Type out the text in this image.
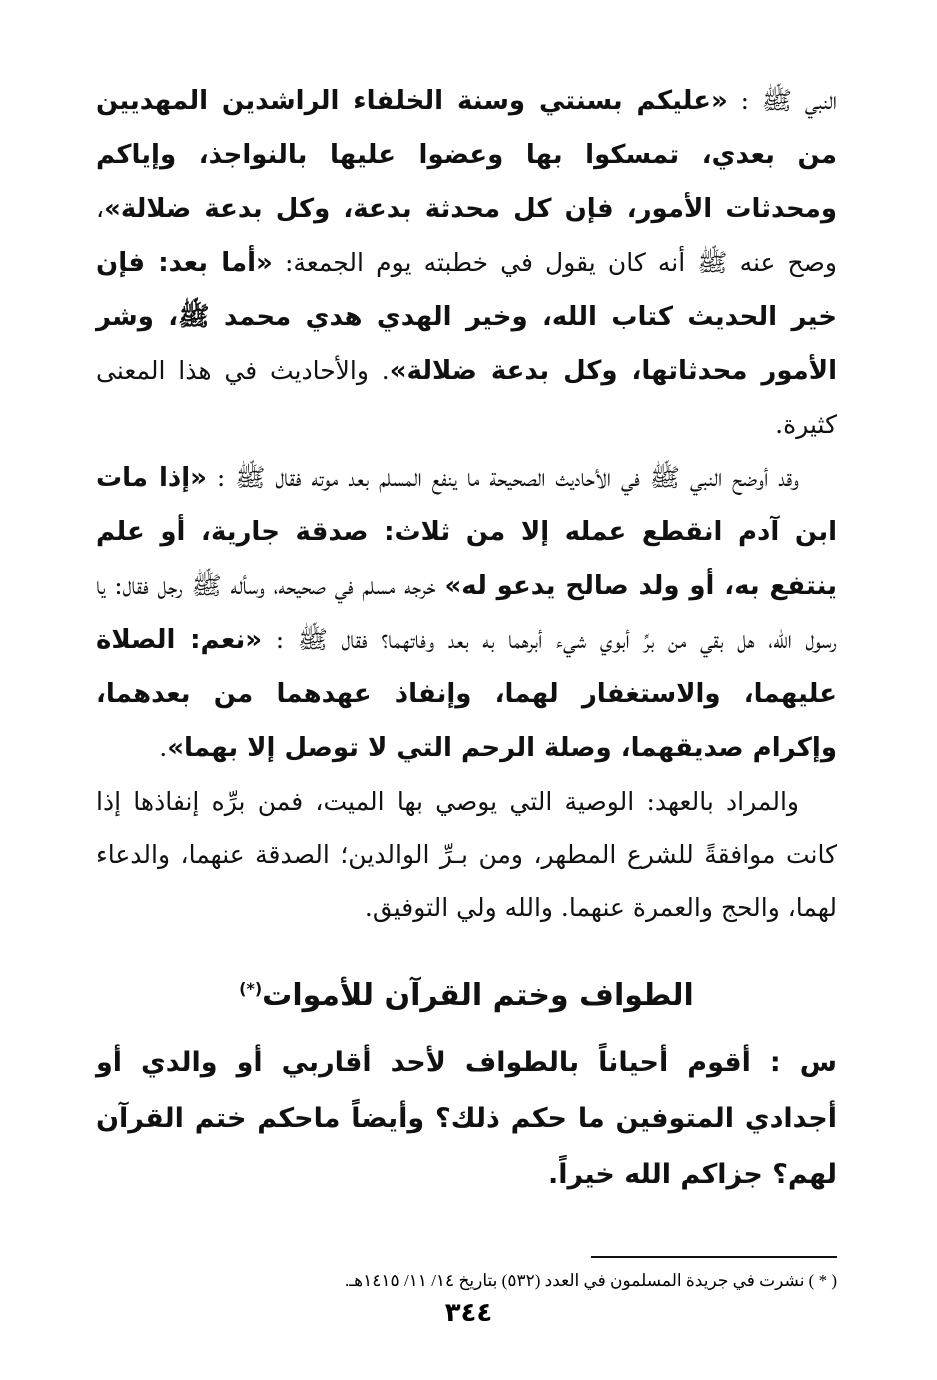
النبي ﷺ : «عليكم بسنتي وسنة الخلفاء الراشدين المهديين من بعدي، تمسكوا بها وعضوا عليها بالنواجذ، وإياكم ومحدثات الأمور، فإن كل محدثة بدعة، وكل بدعة ضلالة»، وصح عنه ﷺ أنه كان يقول في خطبته يوم الجمعة: «أما بعد: فإن خير الحديث كتاب الله، وخير الهدي هدي محمد ﷺ، وشر الأمور محدثاتها، وكل بدعة ضلالة». والأحاديث في هذا المعنى كثيرة.

وقد أوضح النبي ﷺ في الأحاديث الصحيحة ما ينفع المسلم بعد موته فقال ﷺ : «إذا مات ابن آدم انقطع عمله إلا من ثلاث: صدقة جارية، أو علم ينتفع به، أو ولد صالح يدعو له» خرجه مسلم في صحيحه، وسأله ﷺ رجل فقال: يا رسول الله، هل بقي من برِّ أبوي شيء أبرهما به بعد وفاتهما؟ فقال ﷺ : «نعم: الصلاة عليهما، والاستغفار لهما، وإنفاذ عهدهما من بعدهما، وإكرام صديقهما، وصلة الرحم التي لا توصل إلا بهما».

والمراد بالعهد: الوصية التي يوصي بها الميت، فمن برِّه إنفاذها إذا كانت موافقةً للشرع المطهر، ومن بـرِّ الوالدين؛ الصدقة عنهما، والدعاء لهما، والحج والعمرة عنهما. والله ولي التوفيق.

الطواف وختم القرآن للأموات(*)

س : أقوم أحياناً بالطواف لأحد أقاربي أو والدي أو أجدادي المتوفين ما حكم ذلك؟ وأيضاً ماحكم ختم القرآن لهم؟ جزاكم الله خيراً.

( * ) نشرت في جريدة المسلمون في العدد (٥٣٢) بتاريخ ١٤/ ١١/ ١٤١٥هـ.

٣٤٤
